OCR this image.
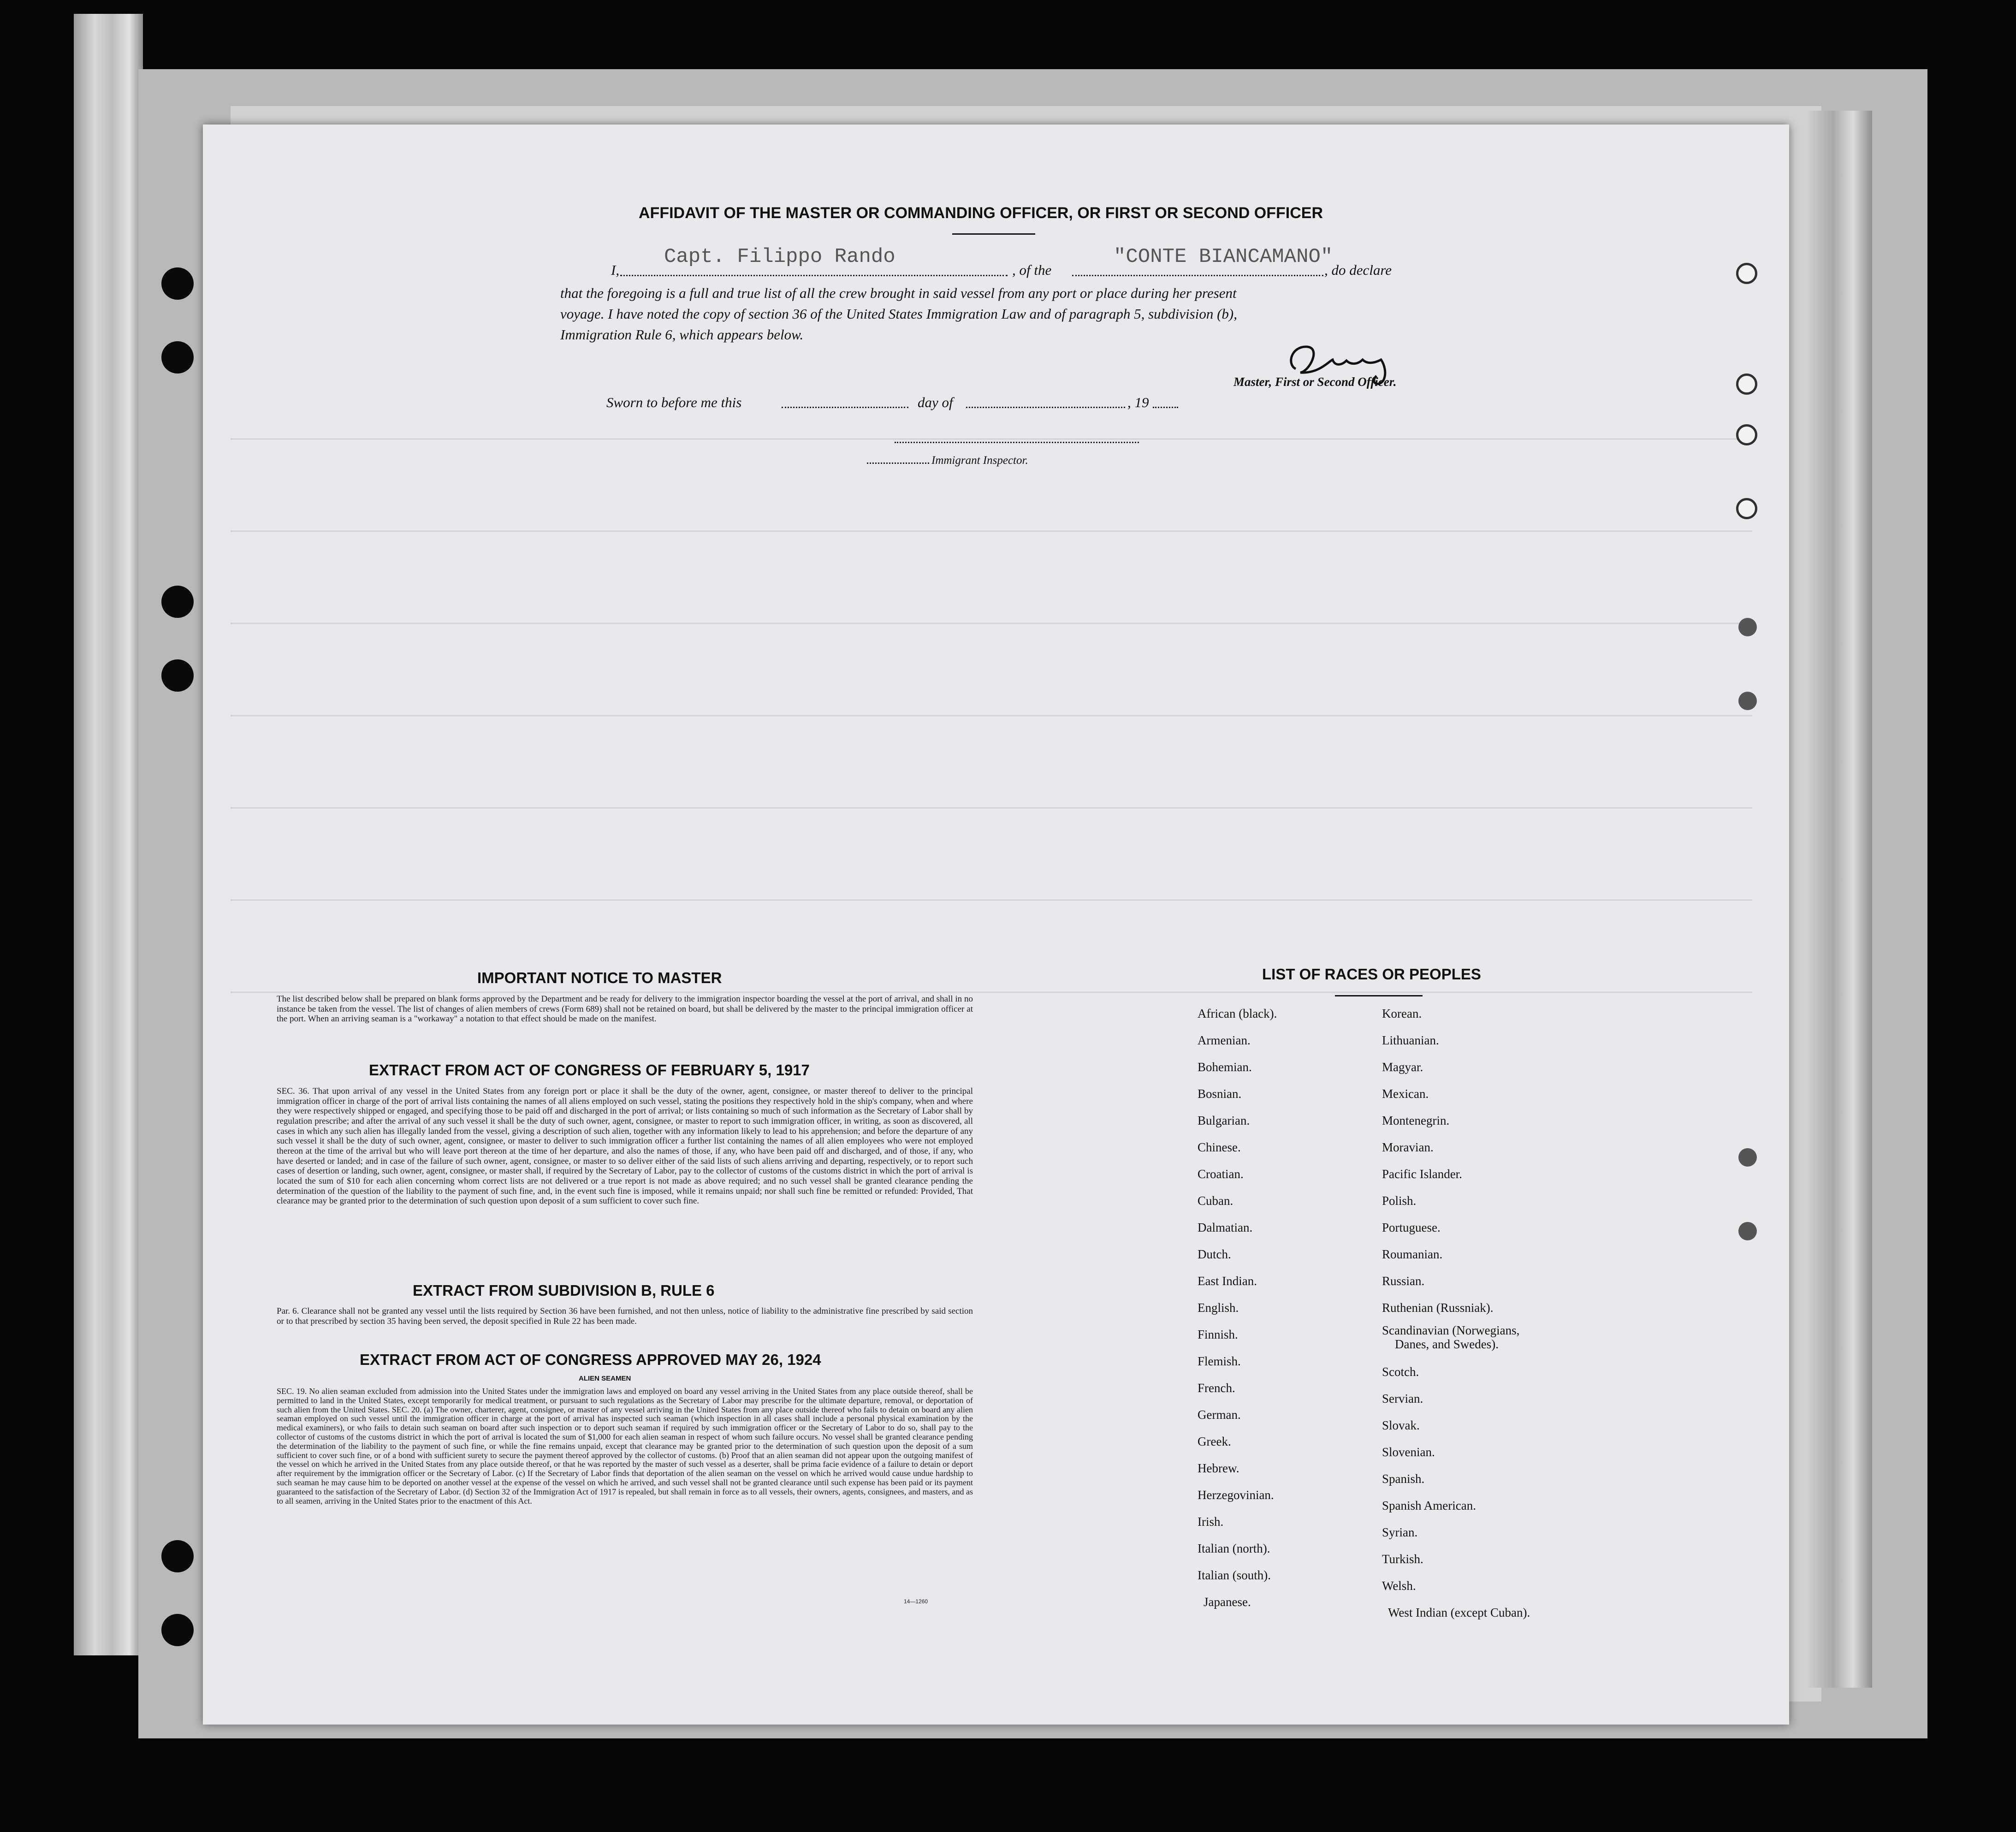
AFFIDAVIT OF THE MASTER OR COMMANDING OFFICER, OR FIRST OR SECOND OFFICER
I,
Capt. Filippo Rando
, of the
"CONTE BIANCAMANO"
, do declare
that the foregoing is a full and true list of all the crew brought in said vessel from any port or place during her present
voyage. I have noted the copy of section 36 of the United States Immigration Law and of paragraph 5, subdivision (b),
Immigration Rule 6, which appears below.
Master, First or Second Officer.
Sworn to before me this	day of	, 19
Immigrant Inspector.
IMPORTANT NOTICE TO MASTER
The list described below shall be prepared on blank forms approved by the Department and be ready for delivery to the immigration inspector boarding the vessel at the port of arrival, and shall in no instance be taken from the vessel. The list of changes of alien members of crews (Form 689) shall not be retained on board, but shall be delivered by the master to the principal immigration officer at the port. When an arriving seaman is a "workaway" a notation to that effect should be made on the manifest.
EXTRACT FROM ACT OF CONGRESS OF FEBRUARY 5, 1917
SEC. 36. That upon arrival of any vessel in the United States from any foreign port or place it shall be the duty of the owner, agent, consignee, or master thereof to deliver to the principal immigration officer in charge of the port of arrival lists containing the names of all aliens employed on such vessel, stating the positions they respectively hold in the ship's company, when and where they were respectively shipped or engaged, and specifying those to be paid off and discharged in the port of arrival; or lists containing so much of such information as the Secretary of Labor shall by regulation prescribe; and after the arrival of any such vessel it shall be the duty of such owner, agent, consignee, or master to report to such immigration officer, in writing, as soon as discovered, all cases in which any such alien has illegally landed from the vessel, giving a description of such alien, together with any information likely to lead to his apprehension; and before the departure of any such vessel it shall be the duty of such owner, agent, consignee, or master to deliver to such immigration officer a further list containing the names of all alien employees who were not employed thereon at the time of the arrival but who will leave port thereon at the time of her departure, and also the names of those, if any, who have been paid off and discharged, and of those, if any, who have deserted or landed; and in case of the failure of such owner, agent, consignee, or master to so deliver either of the said lists of such aliens arriving and departing, respectively, or to report such cases of desertion or landing, such owner, agent, consignee, or master shall, if required by the Secretary of Labor, pay to the collector of customs of the customs district in which the port of arrival is located the sum of $10 for each alien concerning whom correct lists are not delivered or a true report is not made as above required; and no such vessel shall be granted clearance pending the determination of the question of the liability to the payment of such fine, and, in the event such fine is imposed, while it remains unpaid; nor shall such fine be remitted or refunded: Provided, That clearance may be granted prior to the determination of such question upon deposit of a sum sufficient to cover such fine.
EXTRACT FROM SUBDIVISION B, RULE 6
Par. 6. Clearance shall not be granted any vessel until the lists required by Section 36 have been furnished, and not then unless, notice of liability to the administrative fine prescribed by said section or to that prescribed by section 35 having been served, the deposit specified in Rule 22 has been made.
EXTRACT FROM ACT OF CONGRESS APPROVED MAY 26, 1924
ALIEN SEAMEN
SEC. 19. No alien seaman excluded from admission into the United States under the immigration laws and employed on board any vessel arriving in the United States from any place outside thereof, shall be permitted to land in the United States, except temporarily for medical treatment, or pursuant to such regulations as the Secretary of Labor may prescribe for the ultimate departure, removal, or deportation of such alien from the United States. SEC. 20. (a) The owner, charterer, agent, consignee, or master of any vessel arriving in the United States from any place outside thereof who fails to detain on board any alien seaman employed on such vessel until the immigration officer in charge at the port of arrival has inspected such seaman (which inspection in all cases shall include a personal physical examination by the medical examiners), or who fails to detain such seaman on board after such inspection or to deport such seaman if required by such immigration officer or the Secretary of Labor to do so, shall pay to the collector of customs of the customs district in which the port of arrival is located the sum of $1,000 for each alien seaman in respect of whom such failure occurs. No vessel shall be granted clearance pending the determination of the liability to the payment of such fine, or while the fine remains unpaid, except that clearance may be granted prior to the determination of such question upon the deposit of a sum sufficient to cover such fine, or of a bond with sufficient surety to secure the payment thereof approved by the collector of customs. (b) Proof that an alien seaman did not appear upon the outgoing manifest of the vessel on which he arrived in the United States from any place outside thereof, or that he was reported by the master of such vessel as a deserter, shall be prima facie evidence of a failure to detain or deport after requirement by the immigration officer or the Secretary of Labor. (c) If the Secretary of Labor finds that deportation of the alien seaman on the vessel on which he arrived would cause undue hardship to such seaman he may cause him to be deported on another vessel at the expense of the vessel on which he arrived, and such vessel shall not be granted clearance until such expense has been paid or its payment guaranteed to the satisfaction of the Secretary of Labor. (d) Section 32 of the Immigration Act of 1917 is repealed, but shall remain in force as to all vessels, their owners, agents, consignees, and masters, and as to all seamen, arriving in the United States prior to the enactment of this Act.
14—1260
LIST OF RACES OR PEOPLES
African (black).
Armenian.
Bohemian.
Bosnian.
Bulgarian.
Chinese.
Croatian.
Cuban.
Dalmatian.
Dutch.
East Indian.
English.
Finnish.
Flemish.
French.
German.
Greek.
Hebrew.
Herzegovinian.
Irish.
Italian (north).
Italian (south).
Japanese.
Korean.
Lithuanian.
Magyar.
Mexican.
Montenegrin.
Moravian.
Pacific Islander.
Polish.
Portuguese.
Roumanian.
Russian.
Ruthenian (Russniak).
Scandinavian (Norwegians,
Danes, and Swedes).
Scotch.
Servian.
Slovak.
Slovenian.
Spanish.
Spanish American.
Syrian.
Turkish.
Welsh.
West Indian (except Cuban).
